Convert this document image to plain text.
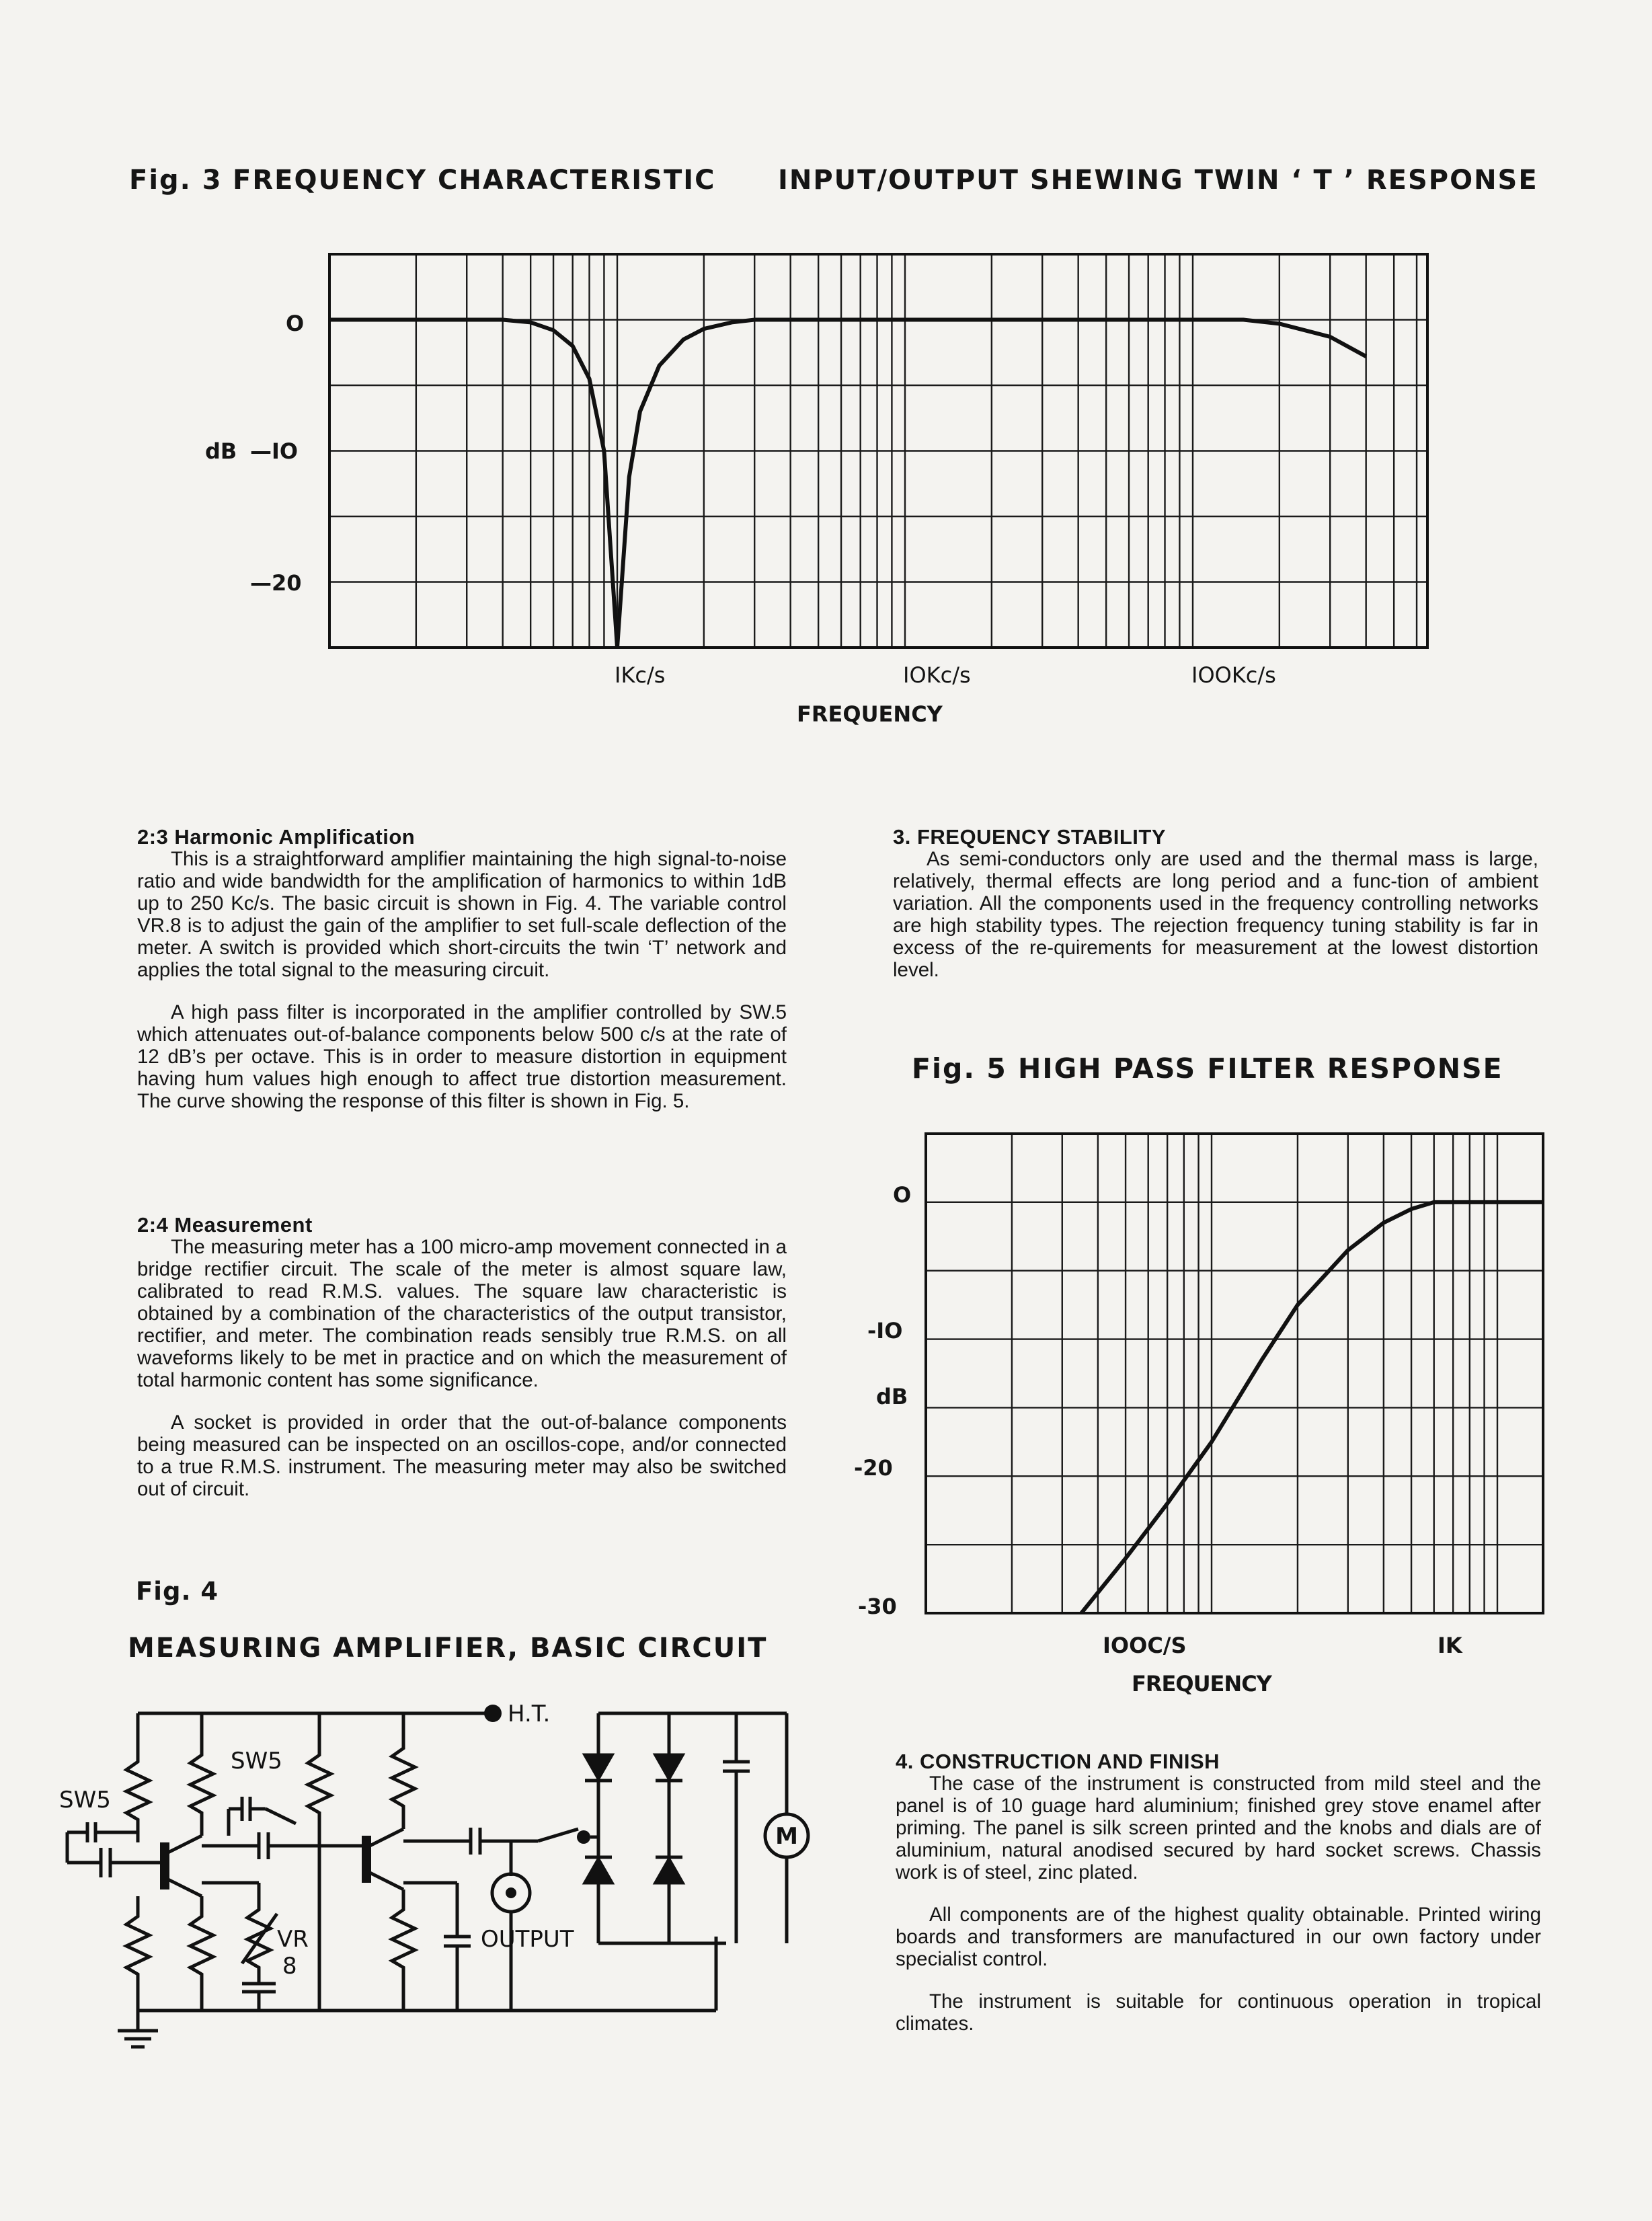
Fig. 3 FREQUENCY CHARACTERISTIC INPUT/OUTPUT SHEWING TWIN ‘ T ’ RESPONSE
O
dB —IO
—20
IKc/s	IOKc/s	IOOKc/s
FREQUENCY
2:3 Harmonic Amplification

This is a straightforward amplifier maintaining the high signal-to-noise ratio and wide bandwidth for the amplification of harmonics to within 1dB up to 250 Kc/s. The basic circuit is shown in Fig. 4. The variable control VR.8 is to adjust the gain of the amplifier to set full-scale deflection of the meter. A switch is provided which short-circuits the twin ‘T’ network and applies the total signal to the measuring circuit.

A high pass filter is incorporated in the amplifier controlled by SW.5 which attenuates out-of-balance components below 500 c/s at the rate of 12 dB’s per octave. This is in order to measure distortion in equipment having hum values high enough to affect true distortion measurement. The curve showing the response of this filter is shown in Fig. 5.

2:4 Measurement

The measuring meter has a 100 micro-amp movement connected in a bridge rectifier circuit. The scale of the meter is almost square law, calibrated to read R.M.S. values. The square law characteristic is obtained by a combination of the characteristics of the output transistor, rectifier, and meter. The combination reads sensibly true R.M.S. on all waveforms likely to be met in practice and on which the measurement of total harmonic content has some significance.

A socket is provided in order that the out-of-balance components being measured can be inspected on an oscillos-cope, and/or connected to a true R.M.S. instrument. The measuring meter may also be switched out of circuit.

3. FREQUENCY STABILITY

As semi-conductors only are used and the thermal mass is large, relatively, thermal effects are long period and a func-tion of ambient variation. All the components used in the frequency controlling networks are high stability types. The rejection frequency tuning stability is far in excess of the re-quirements for measurement at the lowest distortion level.

Fig. 5 HIGH PASS FILTER RESPONSE
O
-IO
dB
-20
-30
IOOC/S	IK
FREQUENCY
4. CONSTRUCTION AND FINISH

The case of the instrument is constructed from mild steel and the panel is of 10 guage hard aluminium; finished grey stove enamel after priming. The panel is silk screen printed and the knobs and dials are of aluminium, natural anodised secured by hard socket screws. Chassis work is of steel, zinc plated.

All components are of the highest quality obtainable. Printed wiring boards and transformers are manufactured in our own factory under specialist control.

The instrument is suitable for continuous operation in tropical climates.

Fig. 4
MEASURING AMPLIFIER, BASIC CIRCUIT
M
H.T.
SW5
SW5
VR
8
OUTPUT
